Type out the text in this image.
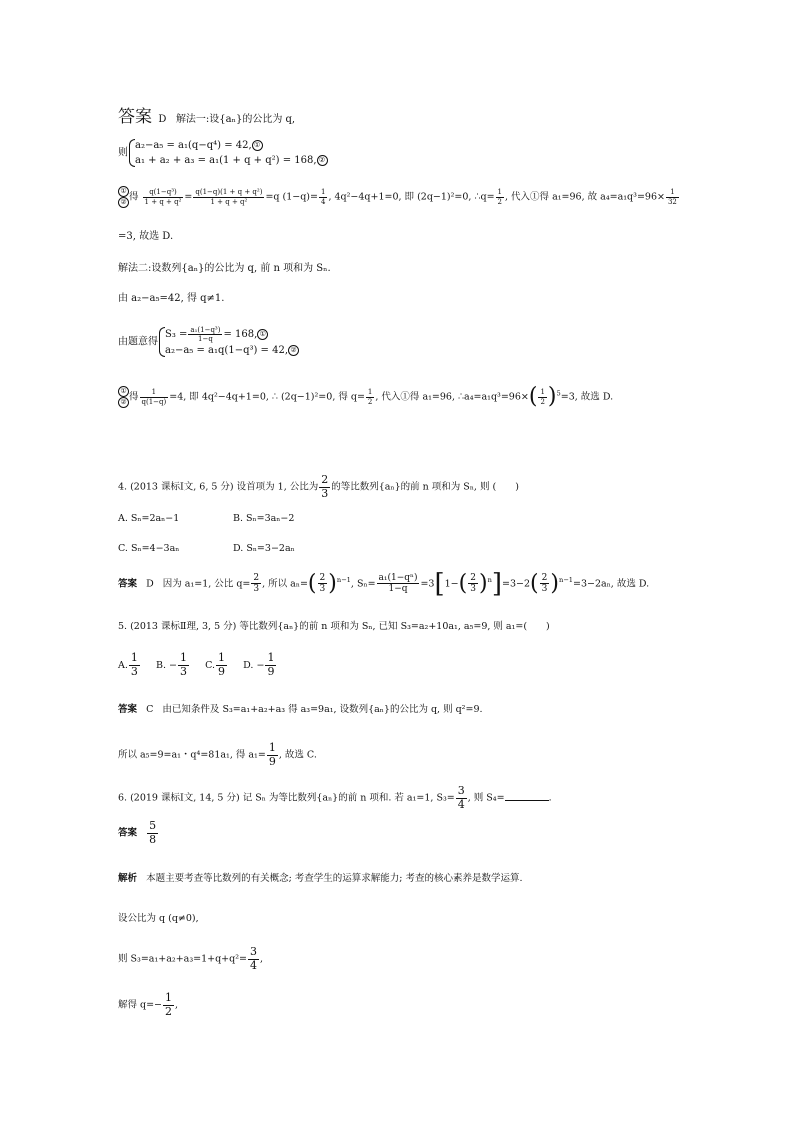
答案 D 解法一:设{aₙ}的公比为 q,
则
a₂−a₅ = a₁(q−q⁴) = 42, ①
a₁ + a₂ + a₃ = a₁(1 + q + q²) = 168, ②
①
② 得 $\frac{\text{q(1−q³)}}{\text{1 + q + q²}} = \frac{\text{q(1−q)(1 + q + q²)}}{\text{1 + q + q²}} =q$ $(1-q)= \frac{1}{4}$ , 4q²−4q+1=0, 即 (2q−1)²=0, ∴q= $\frac{1}{2}$ , 代入①得 a₁=96, 故 $a_4=a_1q^3=96\times \frac{1}{32}$
=3, 故选 D.
解法二:设数列{aₙ}的公比为 q, 前 n 项和为 Sₙ.
由 a₂−a₅=42, 得 q≠1.
由题意得
$S_3 = \frac{\text{a₁(1−q³)}}{1-q} = 168$, ①
a₂−a₅ = a₁q(1−q³) = 42, ②
①
② 得 $\frac{1}{q(1-q)} =4$, 即 4q²−4q+1=0, ∴ (2q−1)²=0, 得 $q= \frac{1}{2}$ , 代入①得 a₁=96, ∴a₄=a₁q³=96×( $\frac{1}{2} )^5=3$, 故选 D.
4. (2013 课标Ⅰ文, 6, 5 分) 设首项为 1, 公比为 $\frac{2}{3}$ 的等比数列{aₙ}的前 n 项和为 Sₙ, 则 (　　)
A. Sₙ=2aₙ−1	B. Sₙ=3aₙ−2
C. Sₙ=4−3aₙ	D. Sₙ=3−2aₙ
答案 D 因为 a₁=1, 公比 $q= \frac{2}{3}$ , 所以 $a_n=( \frac{2}{3} )^{n-1}$, $S_n= \frac{\text{a₁(1−qⁿ)}}{1-q} =3[1-( \frac{2}{3} )^n]=3-2( \frac{2}{3} )^{n-1}=3-2a_n$, 故选 D.
5. (2013 课标Ⅱ理, 3, 5 分) 等比数列{aₙ}的前 n 项和为 Sₙ, 已知 S₃=a₂+10a₁, a₅=9, 则 a₁=(　　)
A. $\frac{1}{3} B$. − $\frac{1}{3} C$. $\frac{1}{9} D$. − $\frac{1}{9}$
答案 C 由已知条件及 S₃=a₁+a₂+a₃ 得 a₃=9a₁, 设数列{aₙ}的公比为 q, 则 q²=9.
所以 a₅=9=a₁・q⁴=81a₁, 得 $a_1= \frac{1}{9}$ , 故选 C.
6. (2019 课标Ⅰ文, 14, 5 分) 记 Sₙ 为等比数列{aₙ}的前 n 项和. 若 a₁=1, $S_3= \frac{3}{4}$ , 则 S₄=	.
答案 $\frac{5}{8}$
解析 本题主要考查等比数列的有关概念; 考查学生的运算求解能力; 考查的核心素养是数学运算.
设公比为 q (q≠0),
则 $S_3=a_1+a_2+a_3=1+q+q^2= \frac{3}{4}$ ,
解得 $q=- \frac{1}{2}$ ,
